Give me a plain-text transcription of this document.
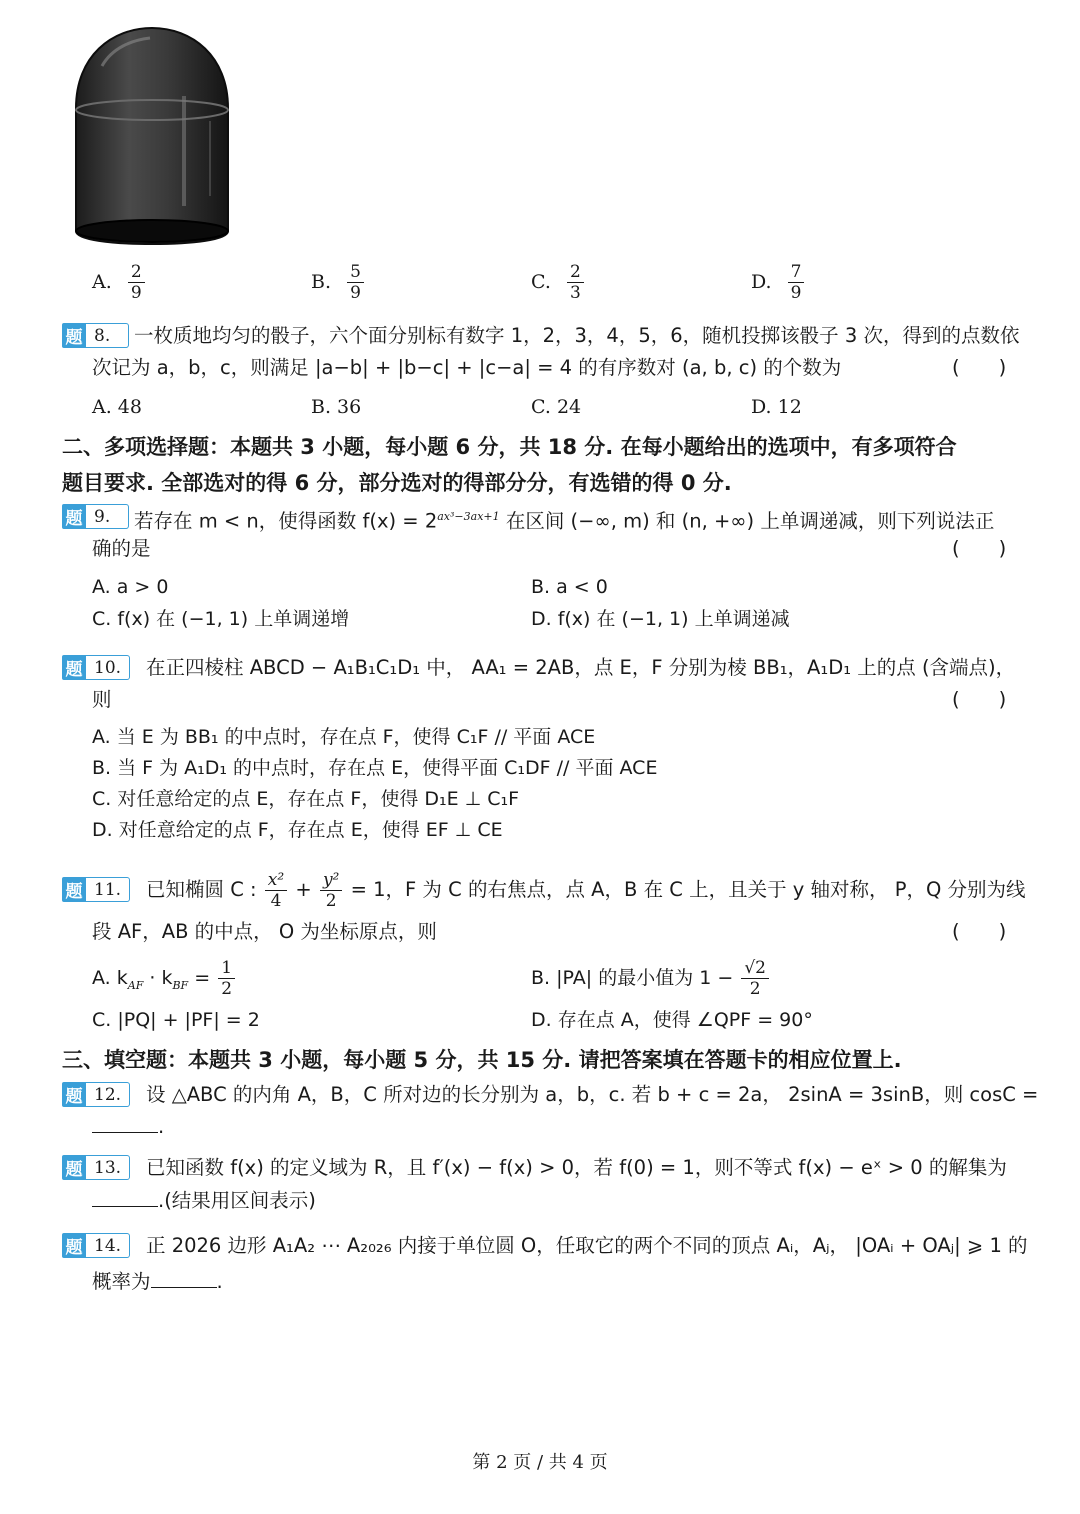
A. $\frac{2}{9}$	B. $\frac{5}{9}$	C. $\frac{2}{3}$	D. $\frac{7}{9}$
题 8.	一枚质地均匀的骰子，六个面分别标有数字 1，2，3，4，5，6，随机投掷该骰子 3 次，得到的点数依
次记为 a，b，c，则满足 |a−b| + |b−c| + |c−a| = 4 的有序数对 (a, b, c) 的个数为	(　　)
A. 48	B. 36	C. 24	D. 12
二、多项选择题：本题共 3 小题，每小题 6 分，共 18 分. 在每小题给出的选项中，有多项符合
题目要求. 全部选对的得 6 分，部分选对的得部分分，有选错的得 0 分.
题 9.	若存在 m < n，使得函数 $f(x) = 2^{ax^3-3ax+1}$ 在区间 (−∞, m) 和 (n, +∞) 上单调递减，则下列说法正
确的是	(　　)
A. a > 0	B. a < 0
C. f(x) 在 (−1, 1) 上单调递增	D. f(x) 在 (−1, 1) 上单调递减
题 10.	在正四棱柱 ABCD − A₁B₁C₁D₁ 中， AA₁ = 2AB，点 E，F 分别为棱 BB₁，A₁D₁ 上的点 (含端点)，
则	(　　)
A. 当 E 为 BB₁ 的中点时，存在点 F，使得 C₁F // 平面 ACE
B. 当 F 为 A₁D₁ 的中点时，存在点 E，使得平面 C₁DF // 平面 ACE
C. 对任意给定的点 E，存在点 F，使得 D₁E ⊥ C₁F
D. 对任意给定的点 F，存在点 E，使得 EF ⊥ CE
题 11.	已知椭圆 C : $\frac{\text{x²}}{4} + \frac{\text{y²}}{2} = 1$，F 为 C 的右焦点，点 A，B 在 C 上，且关于 y 轴对称， P，Q 分别为线
段 AF，AB 的中点， O 为坐标原点，则	(　　)
A. $k_{AF} \cdot k_{BF} = \frac{1}{2}$	B. |PA| 的最小值为 $1 - \frac{√2}{2}$
C. |PQ| + |PF| = 2	D. 存在点 A，使得 ∠QPF = 90°
三、填空题：本题共 3 小题，每小题 5 分，共 15 分. 请把答案填在答题卡的相应位置上.
题 12.	设 △ABC 的内角 A，B，C 所对边的长分别为 a，b，c. 若 b + c = 2a， 2sinA = 3sinB，则 cosC =
.
题 13.	已知函数 f(x) 的定义域为 R，且 f′(x) − f(x) > 0，若 f(0) = 1，则不等式 f(x) − eˣ > 0 的解集为
.(结果用区间表示)
题 14.	正 2026 边形 A₁A₂ ⋯ A₂₀₂₆ 内接于单位圆 O，任取它的两个不同的顶点 Aᵢ，Aⱼ， |OAᵢ + OAⱼ| ⩾ 1 的
概率为	.
第 2 页 / 共 4 页
